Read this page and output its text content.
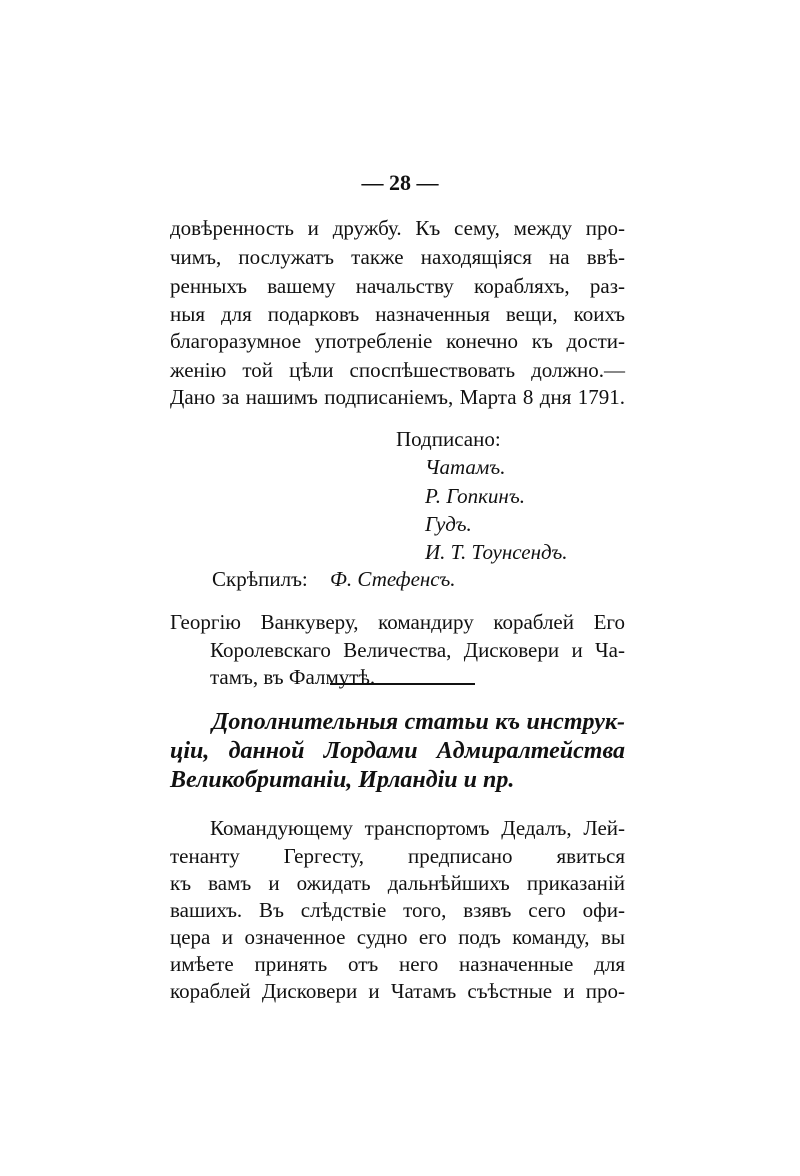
— 28 —
довѣренность и дружбу. Къ сему, между про-
чимъ, послужатъ также находящіяся на ввѣ-
ренныхъ вашему начальству корабляхъ, раз-
ныя для подарковъ назначенныя вещи, коихъ
благоразумное употребленіе конечно къ дости-
женію той цѣли споспѣшествовать должно.—
Дано за нашимъ подписаніемъ, Марта 8 дня 1791.
Подписано:
Чатамъ.
Р. Гопкинъ.
Гудъ.
И. Т. Тоунсендъ.
Скрѣпилъ: Ф. Стефенсъ.
Георгію Ванкуверу, командиру кораблей Его
Королевскаго Величества, Дисковери и Ча-
тамъ, въ Фалмутѣ.
Дополнительныя статьи къ инструк-
ціи, данной Лордами Адмиралтейства
Великобританіи, Ирландіи и пр.
Командующему транспортомъ Дедалъ, Лей-
тенанту Гергесту, предписано явиться
къ вамъ и ожидать дальнѣйшихъ приказаній
вашихъ. Въ слѣдствіе того, взявъ сего офи-
цера и означенное судно его подъ команду, вы
имѣете принять отъ него назначенные для
кораблей Дисковери и Чатамъ съѣстные и про-
